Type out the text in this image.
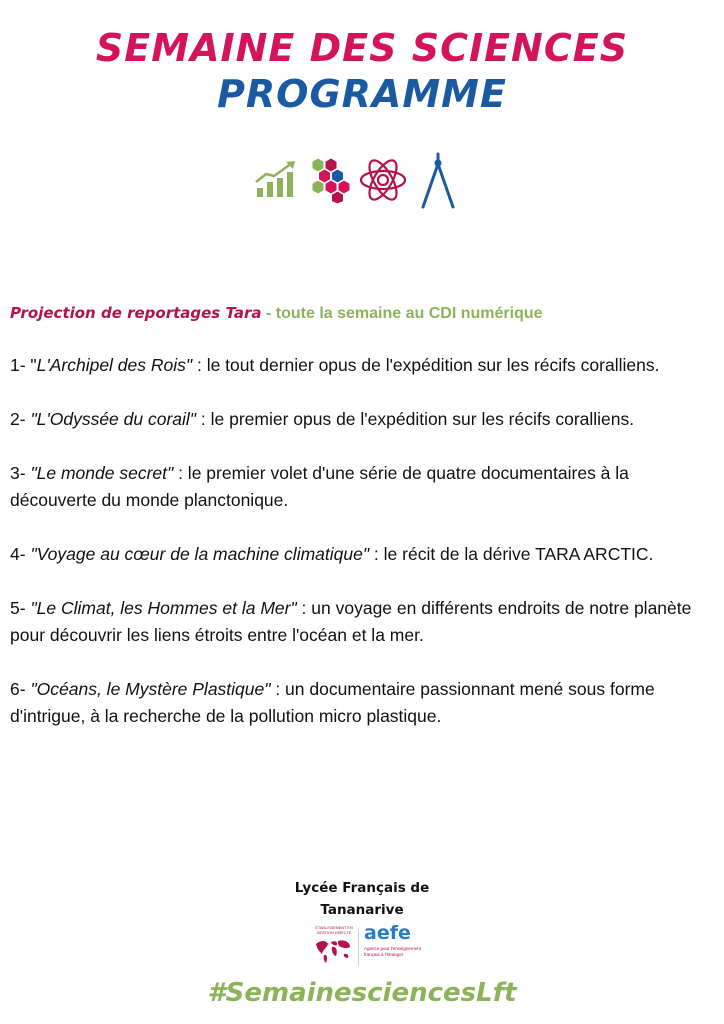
SEMAINE DES SCIENCES
PROGRAMME
Projection de reportages Tara - toute la semaine au CDI numérique

1- "L'Archipel des Rois" : le tout dernier opus de l'expédition sur les récifs coralliens.

2- "L'Odyssée du corail" : le premier opus de l'expédition sur les récifs coralliens.

3- "Le monde secret" : le premier volet d'une série de quatre documentaires à la découverte du monde planctonique.

4- "Voyage au cœur de la machine climatique" : le récit de la dérive TARA ARCTIC.

5- "Le Climat, les Hommes et la Mer" : un voyage en différents endroits de notre planète pour découvrir les liens étroits entre l'océan et la mer.

6- "Océans, le Mystère Plastique" : un documentaire passionnant mené sous forme d'intrigue, à la recherche de la pollution micro plastique.

Lycée Français de
Tananarive
ÉTABLISSEMENT EN GESTION DIRECTE aefe
Agence pour l'enseignement français à l'étranger
#SemainesciencesLft
